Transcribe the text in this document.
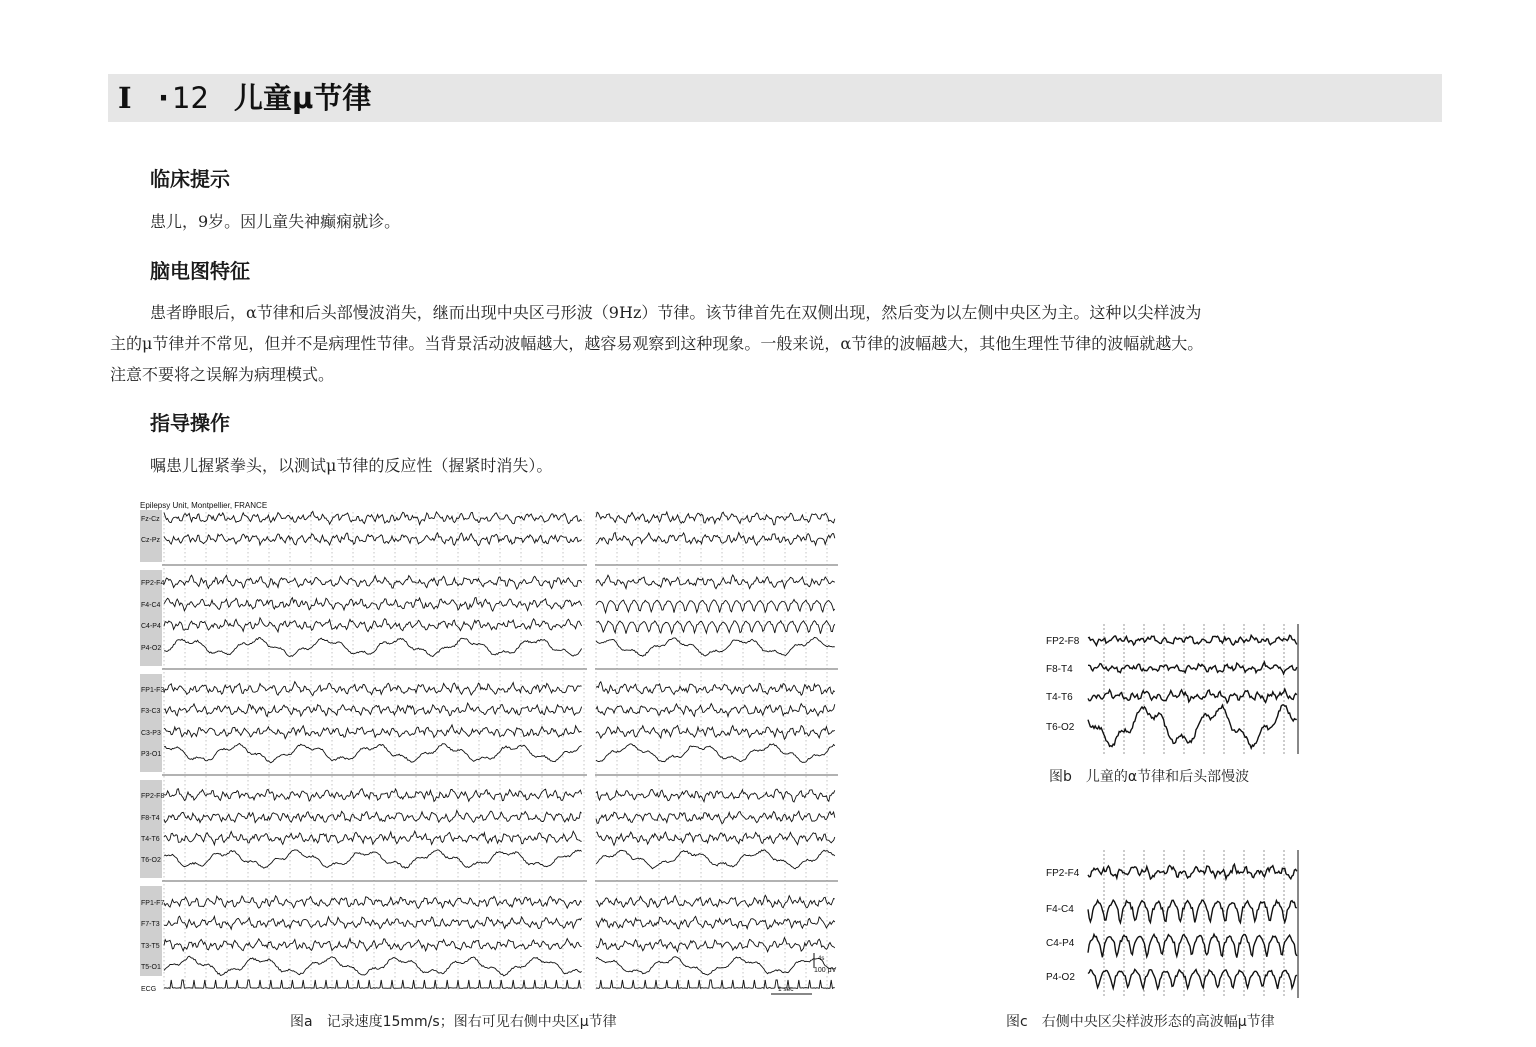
I · 12 儿童μ节律
临床提示

患儿，9岁。因儿童失神癫痫就诊。

脑电图特征

患者睁眼后，α节律和后头部慢波消失，继而出现中央区弓形波（9Hz）节律。该节律首先在双侧出现，然后变为以左侧中央区为主。这种以尖样波为

主的μ节律并不常见，但并不是病理性节律。当背景活动波幅越大，越容易观察到这种现象。一般来说，α节律的波幅越大，其他生理性节律的波幅就越大。

注意不要将之误解为病理模式。

指导操作

嘱患儿握紧拳头，以测试μ节律的反应性（握紧时消失）。

Epilepsy Unit, Montpellier, FRANCE
Fz-Cz
Cz-Pz
FP2-F4
F4-C4
C4-P4
P4-O2
FP1-F3
F3-C3
C3-P3
P3-O1
FP2-F8
F8-T4
T4-T6
T6-O2
FP1-F7
F7-T3
T3-T5
T5-O1
ECG
4s
100 μV
1 sec

图a 记录速度15mm/s；图右可见右侧中央区μ节律

FP2-F8
F8-T4
T4-T6
T6-O2

图b 儿童的α节律和后头部慢波

FP2-F4
F4-C4
C4-P4
P4-O2

图c 右侧中央区尖样波形态的高波幅μ节律
